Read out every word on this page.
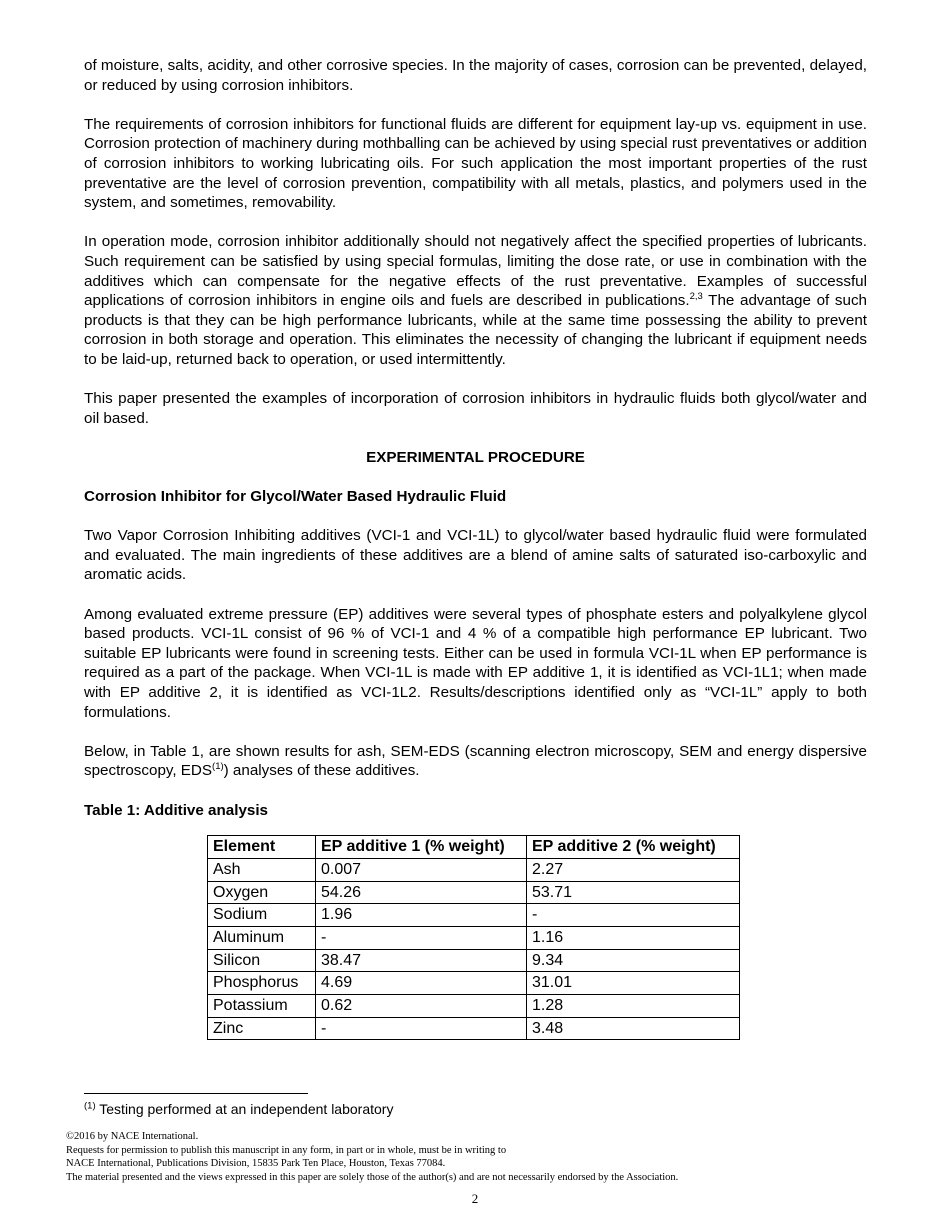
of moisture, salts, acidity, and other corrosive species. In the majority of cases, corrosion can be prevented, delayed, or reduced by using corrosion inhibitors.

The requirements of corrosion inhibitors for functional fluids are different for equipment lay-up vs. equipment in use. Corrosion protection of machinery during mothballing can be achieved by using special rust preventatives or addition of corrosion inhibitors to working lubricating oils. For such application the most important properties of the rust preventative are the level of corrosion prevention, compatibility with all metals, plastics, and polymers used in the system, and sometimes, removability.

In operation mode, corrosion inhibitor additionally should not negatively affect the specified properties of lubricants. Such requirement can be satisfied by using special formulas, limiting the dose rate, or use in combination with the additives which can compensate for the negative effects of the rust preventative. Examples of successful applications of corrosion inhibitors in engine oils and fuels are described in publications.$^{2,3}$ The advantage of such products is that they can be high performance lubricants, while at the same time possessing the ability to prevent corrosion in both storage and operation. This eliminates the necessity of changing the lubricant if equipment needs to be laid-up, returned back to operation, or used intermittently.

This paper presented the examples of incorporation of corrosion inhibitors in hydraulic fluids both glycol/water and oil based.

EXPERIMENTAL PROCEDURE
Corrosion Inhibitor for Glycol/Water Based Hydraulic Fluid

Two Vapor Corrosion Inhibiting additives (VCI-1 and VCI-1L) to glycol/water based hydraulic fluid were formulated and evaluated. The main ingredients of these additives are a blend of amine salts of saturated iso-carboxylic and aromatic acids.

Among evaluated extreme pressure (EP) additives were several types of phosphate esters and polyalkylene glycol based products. VCI-1L consist of 96 % of VCI-1 and 4 % of a compatible high performance EP lubricant. Two suitable EP lubricants were found in screening tests. Either can be used in formula VCI-1L when EP performance is required as a part of the package. When VCI-1L is made with EP additive 1, it is identified as VCI-1L1; when made with EP additive 2, it is identified as VCI-1L2. Results/descriptions identified only as “VCI-1L” apply to both formulations.

Below, in Table 1, are shown results for ash, SEM-EDS (scanning electron microscopy, SEM and energy dispersive spectroscopy, EDS$^{(1)}$) analyses of these additives.

Table 1: Additive analysis
Element	EP additive 1 (% weight)	EP additive 2 (% weight)
Ash	0.007	2.27
Oxygen	54.26	53.71
Sodium	1.96	-
Aluminum	-	1.16
Silicon	38.47	9.34
Phosphorus	4.69	31.01
Potassium	0.62	1.28
Zinc	-	3.48
$^{(1)}$ Testing performed at an independent laboratory
©2016 by NACE International.
Requests for permission to publish this manuscript in any form, in part or in whole, must be in writing to
NACE International, Publications Division, 15835 Park Ten Place, Houston, Texas 77084.
The material presented and the views expressed in this paper are solely those of the author(s) and are not necessarily endorsed by the Association.
2
